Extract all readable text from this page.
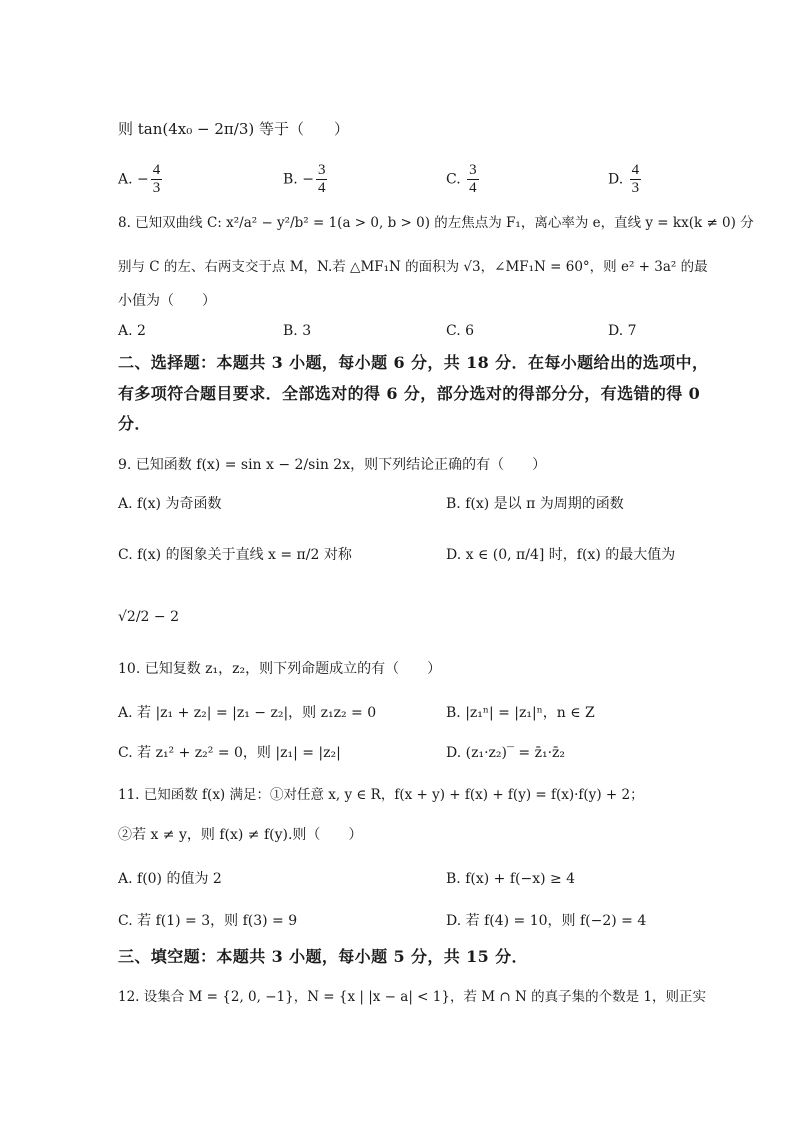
则 tan(4x₀ − 2π/3) 等于（　　）
A. − $\frac{4}{3}$	B. − $\frac{3}{4}$	C. $\frac{3}{4}$	D. $\frac{4}{3}$
8. 已知双曲线 C: x²/a² − y²/b² = 1(a > 0, b > 0) 的左焦点为 F₁，离心率为 e，直线 y = kx(k ≠ 0) 分
别与 C 的左、右两支交于点 M，N.若 △MF₁N 的面积为 √3，∠MF₁N = 60°，则 e² + 3a² 的最
小值为（　　）
A. 2	B. 3	C. 6	D. 7
二、选择题：本题共 3 小题，每小题 6 分，共 18 分．在每小题给出的选项中，
有多项符合题目要求．全部选对的得 6 分，部分选对的得部分分，有选错的得 0
分．
9. 已知函数 f(x) = sin x − 2/sin 2x，则下列结论正确的有（　　）
A. f(x) 为奇函数	B. f(x) 是以 π 为周期的函数
C. f(x) 的图象关于直线 x = π/2 对称	D. x ∈ (0, π/4] 时，f(x) 的最大值为
√2/2 − 2
10. 已知复数 z₁，z₂，则下列命题成立的有（　　）
A. 若 |z₁ + z₂| = |z₁ − z₂|，则 z₁z₂ = 0	B. |z₁ⁿ| = |z₁|ⁿ，n ∈ Z
C. 若 z₁² + z₂² = 0，则 |z₁| = |z₂|	D. (z₁·z₂)‾ = z̄₁·z̄₂
11. 已知函数 f(x) 满足：①对任意 x, y ∈ R，f(x + y) + f(x) + f(y) = f(x)·f(y) + 2；
②若 x ≠ y，则 f(x) ≠ f(y).则（　　）
A. f(0) 的值为 2	B. f(x) + f(−x) ≥ 4
C. 若 f(1) = 3，则 f(3) = 9	D. 若 f(4) = 10，则 f(−2) = 4
三、填空题：本题共 3 小题，每小题 5 分，共 15 分．
12. 设集合 M = {2, 0, −1}，N = {x | |x − a| < 1}，若 M ∩ N 的真子集的个数是 1，则正实
